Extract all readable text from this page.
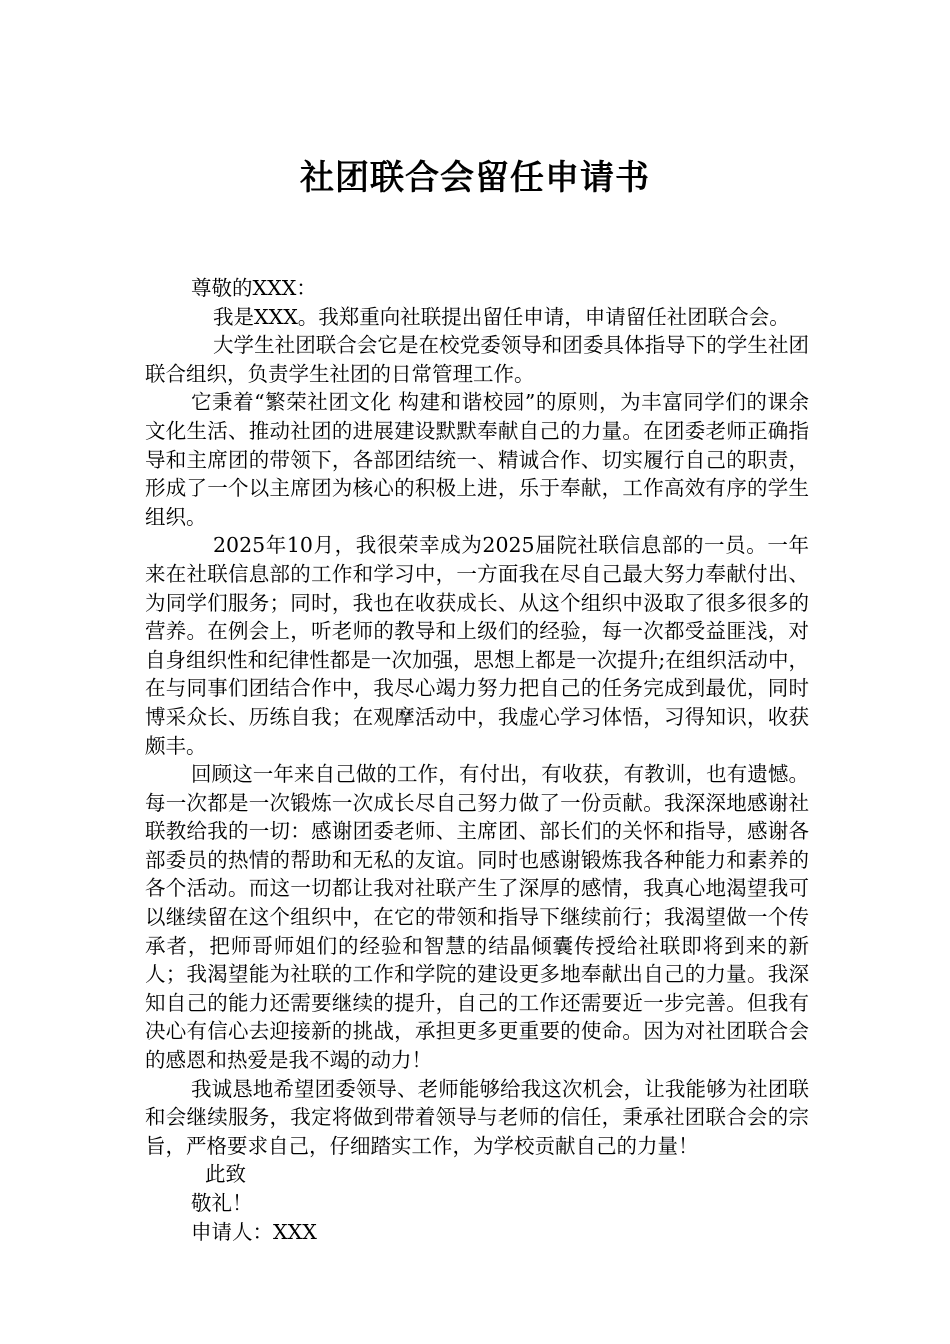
社团联合会留任申请书

尊敬的XXX：

我是XXX。我郑重向社联提出留任申请，申请留任社团联合会。

大学生社团联合会它是在校党委领导和团委具体指导下的学生社团联合组织，负责学生社团的日常管理工作。

它秉着“繁荣社团文化 构建和谐校园”的原则，为丰富同学们的课余文化生活、推动社团的进展建设默默奉献自己的力量。在团委老师正确指导和主席团的带领下，各部团结统一、精诚合作、切实履行自己的职责，形成了一个以主席团为核心的积极上进，乐于奉献，工作高效有序的学生组织。

2025年10月，我很荣幸成为2025届院社联信息部的一员。一年来在社联信息部的工作和学习中，一方面我在尽自己最大努力奉献付出、为同学们服务；同时，我也在收获成长、从这个组织中汲取了很多很多的营养。在例会上，听老师的教导和上级们的经验，每一次都受益匪浅，对自身组织性和纪律性都是一次加强，思想上都是一次提升;在组织活动中，在与同事们团结合作中，我尽心竭力努力把自己的任务完成到最优，同时博采众长、历练自我；在观摩活动中，我虚心学习体悟，习得知识，收获颇丰。

回顾这一年来自己做的工作，有付出，有收获，有教训，也有遗憾。每一次都是一次锻炼一次成长尽自己努力做了一份贡献。我深深地感谢社联教给我的一切：感谢团委老师、主席团、部长们的关怀和指导，感谢各部委员的热情的帮助和无私的友谊。同时也感谢锻炼我各种能力和素养的各个活动。而这一切都让我对社联产生了深厚的感情，我真心地渴望我可以继续留在这个组织中，在它的带领和指导下继续前行；我渴望做一个传承者，把师哥师姐们的经验和智慧的结晶倾囊传授给社联即将到来的新人；我渴望能为社联的工作和学院的建设更多地奉献出自己的力量。我深知自己的能力还需要继续的提升，自己的工作还需要近一步完善。但我有决心有信心去迎接新的挑战，承担更多更重要的使命。因为对社团联合会的感恩和热爱是我不竭的动力！

我诚恳地希望团委领导、老师能够给我这次机会，让我能够为社团联和会继续服务，我定将做到带着领导与老师的信任，秉承社团联合会的宗旨，严格要求自己，仔细踏实工作，为学校贡献自己的力量！

此致

敬礼！

申请人：XXX
